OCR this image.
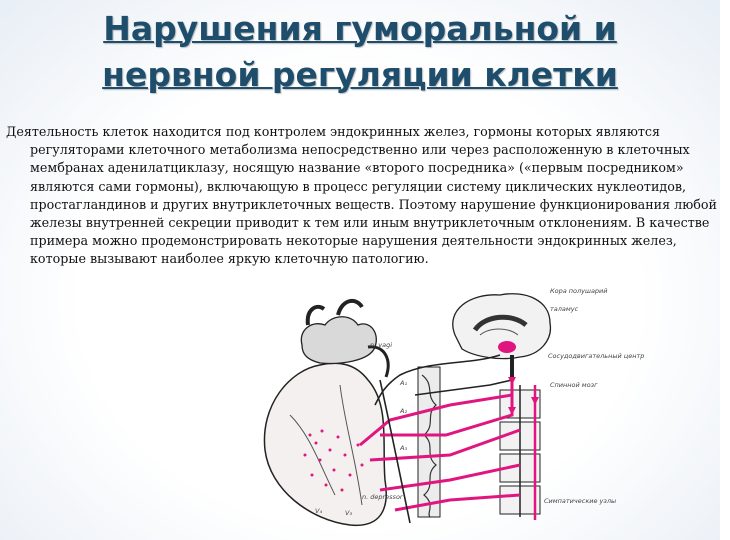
Нарушения гуморальной и
нервной регуляции клетки

Деятельность клеток находится под контролем эндокринных желез, гормоны которых являются регуляторами клеточного метаболизма непосредственно или через расположенную в клеточных мембранах аденилатциклазу, носящую название «второго посредника» («первым посредником» являются сами гормоны), включающую в процесс регуляции систему циклических нуклеотидов, простагландинов и других внутриклеточных веществ. Поэтому нарушение функционирования любой железы внутренней секреции приводит к тем или иным внутриклеточным отклонениям. В качестве примера можно продемонстрировать некоторые нарушения деятельности эндокринных желез, которые вызывают наиболее яркую клеточную патологию.

Кора полушарий
таламус
n. vagi
Сосудодвигательный центр
Спинной мозг
Симпатические узлы
n. depressor
A₁
A₂
A₃
V₄	V₃
